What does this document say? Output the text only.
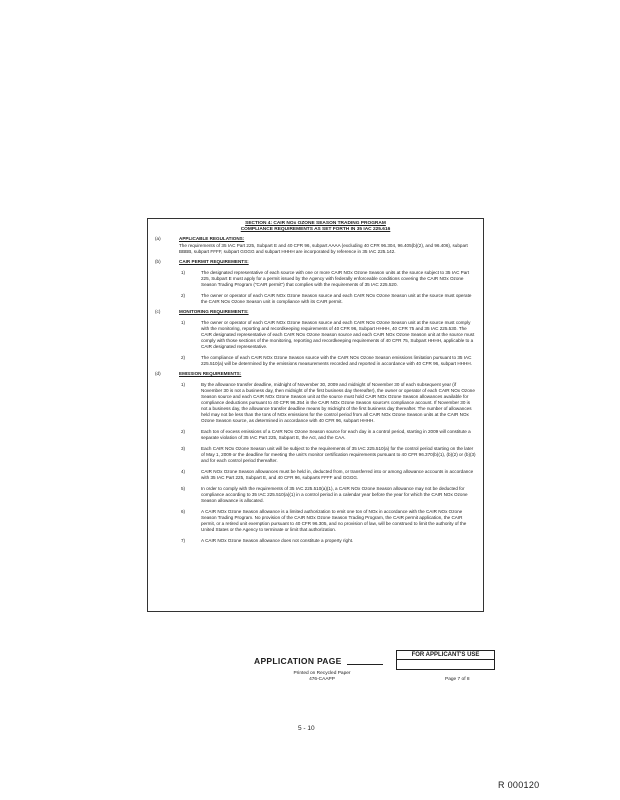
SECTION 4: CAIR NOx OZONE SEASON TRADING PROGRAM
COMPLIANCE REQUIREMENTS AS SET FORTH IN 35 IAC 225.616
(a)	APPLICABLE REGULATIONS:
The requirements of 35 IAC Part 225, Subpart E and 40 CFR 96, subpart AAAA (excluding 40 CFR 96.304, 96.405(b)(2), and 96.406), subpart BBBB, subpart FFFF, subpart GGGG and subpart HHHH are incorporated by reference in 35 IAC 225.142.
(b)	CAIR PERMIT REQUIREMENTS:
1)	The designated representative of each source with one or more CAIR NOx Ozone Season units at the source subject to 35 IAC Part 225, Subpart E must apply for a permit issued by the Agency with federally enforceable conditions covering the CAIR NOx Ozone Season Trading Program ("CAIR permit") that complies with the requirements of 35 IAC 225.520.
2)	The owner or operator of each CAIR NOx Ozone Season source and each CAIR NOx Ozone Season unit at the source must operate the CAIR NOx Ozone Season unit in compliance with its CAIR permit.
(c)	MONITORING REQUIREMENTS:
1)	The owner or operator of each CAIR NOx Ozone Season source and each CAIR NOx Ozone Season unit at the source must comply with the monitoring, reporting and recordkeeping requirements of 40 CFR 96, Subpart HHHH, 40 CFR 75 and 35 IAC 225.530. The CAIR designated representative of each CAIR NOx Ozone Season source and each CAIR NOx Ozone Season unit at the source must comply with those sections of the monitoring, reporting and recordkeeping requirements of 40 CFR 75, Subpart HHHH, applicable to a CAIR designated representative.
2)	The compliance of each CAIR NOx Ozone Season source with the CAIR NOx Ozone Season emissions limitation pursuant to 35 IAC 225.510(a) will be determined by the emissions measurements recorded and reported in accordance with 40 CFR 96, subpart HHHH.
(d)	EMISSION REQUIREMENTS:
1)	By the allowance transfer deadline, midnight of November 30, 2009 and midnight of November 30 of each subsequent year (if November 30 is not a business day, then midnight of the first business day thereafter), the owner or operator of each CAIR NOx Ozone Season source and each CAIR NOx Ozone Season unit at the source must hold CAIR NOx Ozone Season allowances available for compliance deductions pursuant to 40 CFR 96.354 in the CAIR NOx Ozone Season source's compliance account. If November 30 is not a business day, the allowance transfer deadline means by midnight of the first business day thereafter. The number of allowances held may not be less than the tons of NOx emissions for the control period from all CAIR NOx Ozone Season units at the CAIR NOx Ozone Season source, as determined in accordance with 40 CFR 96, subpart HHHH.
2)	Each ton of excess emissions of a CAIR NOx Ozone Season source for each day in a control period, starting in 2009 will constitute a separate violation of 35 IAC Part 225, Subpart E, the Act, and the CAA.
3)	Each CAIR NOx Ozone Season unit will be subject to the requirements of 35 IAC 225.510(a) for the control period starting on the later of May 1, 2009 or the deadline for meeting the unit's monitor certification requirements pursuant to 40 CFR 96.370(b)(1), (b)(2) or (b)(3) and for each control period thereafter.
4)	CAIR NOx Ozone Season allowances must be held in, deducted from, or transferred into or among allowance accounts in accordance with 35 IAC Part 225, Subpart E, and 40 CFR 96, subparts FFFF and GGGG.
5)	In order to comply with the requirements of 35 IAC 225.510(a)(1), a CAIR NOx Ozone Season allowance may not be deducted for compliance according to 35 IAC 225.510(a)(1) in a control period in a calendar year before the year for which the CAIR NOx Ozone Season allowance is allocated.
6)	A CAIR NOx Ozone Season allowance is a limited authorization to emit one ton of NOx in accordance with the CAIR NOx Ozone Season Trading Program. No provision of the CAIR NOx Ozone Season Trading Program, the CAIR permit application, the CAIR permit, or a retired unit exemption pursuant to 40 CFR 96.305, and no provision of law, will be construed to limit the authority of the United States or the Agency to terminate or limit that authorization.
7)	A CAIR NOx Ozone Season allowance does not constitute a property right.
APPLICATION PAGE
FOR APPLICANT'S USE
Printed on Recycled Paper
476-CAAPP	Page 7 of 8
5 - 10
R 000120
